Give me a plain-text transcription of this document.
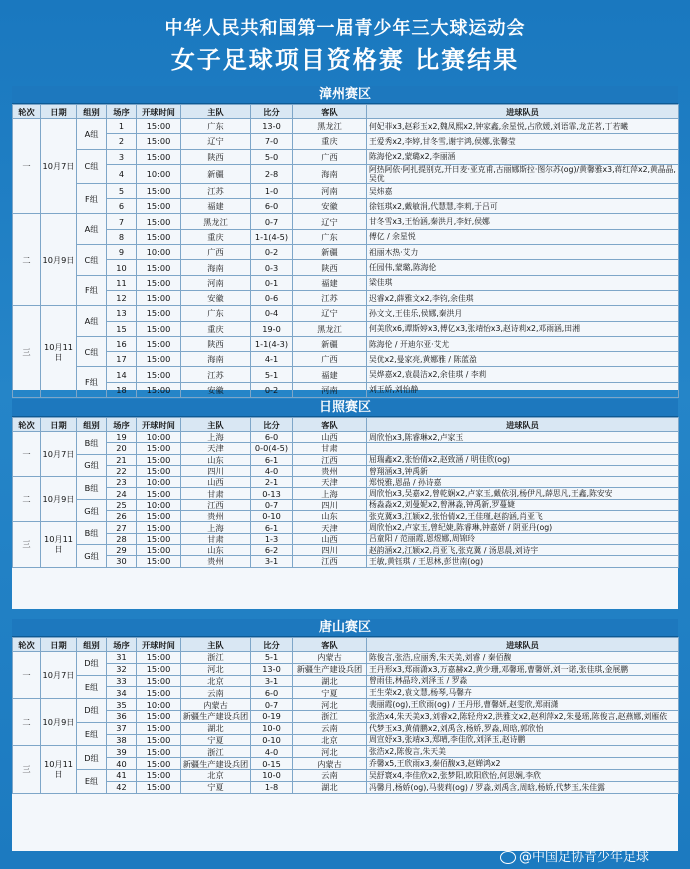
中华人民共和国第一届青少年三大球运动会
女子足球项目资格赛 比赛结果
漳州赛区
轮次	日期	组别	场序	开球时间	主队	比分	客队	进球队员
一	10月7日	A组	1	15:00	广东	13-0	黑龙江	何妃菲x3,赵彩玉x2,魏凤熙x2,钟家鑫,余星悦,占欣媛,刘语霏,龙芷茗,丁若曦
			2	15:00	辽宁	7-0	重庆	王爱秀x2,李婷,甘冬雪,谢宇鸿,侯娜,张馨莹
		C组	3	15:00	陕西	5-0	广西	陈海伦x2,蒙璐x2,李丽涵
			4	10:00	新疆	2-8	海南	阿热阿依·阿扎提别克,开日麦·亚克甫,古丽娜斯拉·图尔苏(og)/黄馨雅x3,蒋红萍x2,黄晶晶,吴优
		F组	5	15:00	江苏	1-0	河南	吴炜嘉
			6	15:00	福建	6-0	安徽	徐钰琪x2,戴敏涓,代慧慧,李莉,于吕可
二	10月9日	A组	7	15:00	黑龙江	0-7	辽宁	甘冬雪x3,王怡涵,秦洪月,李好,侯娜
			8	15:00	重庆	1-1(4-5)	广东	傅亿 / 余星悦
		C组	9	10:00	广西	0-2	新疆	祖丽木热·艾力
			10	15:00	海南	0-3	陕西	任园伟,蒙璐,陈海伦
		F组	11	15:00	河南	0-1	福建	梁佳琪
			12	15:00	安徽	0-6	江苏	迟睿x2,薛雅文x2,李钧,余佳琪
三	10月11日	A组	13	15:00	广东	0-4	辽宁	孙文文,王佳乐,侯娜,秦洪月
			15	15:00	重庆	19-0	黑龙江	何美欣x6,谭斯婷x3,傅亿x3,张靖怡x3,赵诗莉x2,邓雨涵,田湘
		C组	16	15:00	陕西	1-1(4-3)	新疆	陈海伦 / 开迪尔亚·艾尤
			17	15:00	海南	4-1	广西	吴优x2,曼家亮,黄娜雅 / 陈蓝盈
		F组	14	15:00	江苏	5-1	福建	吴烨嘉x2,袁晨洁x2,余佳琪 / 李莉
			18	15:00	安徽	0-2	河南	刘玉娇,刘怡静
日照赛区
轮次	日期	组别	场序	开球时间	主队	比分	客队	进球队员
一	10月7日	B组	19	10:00	上海	6-0	山西	周欣怡x3,陈睿琳x2,卢家玉
			20	15:00	天津	0-0(4-5)	甘肃	
		G组	21	15:00	山东	6-1	江西	屈瑞鑫x2,张怡倩x2,赵致涵 / 明佳欣(og)
			22	15:00	四川	4-0	贵州	曾翔涵x3,钟禹新
二	10月9日	B组	23	10:00	山西	2-1	天津	郑悦雅,恩晶 / 孙诗嘉
			24	15:00	甘肃	0-13	上海	周欣怡x3,吴嘉x2,曾乾娴x2,卢家玉,戴依羽,杨伊凡,薛思凡,王鑫,陈安安
		G组	25	10:00	江西	0-7	四川	杨淼淼x2,刘曼妮x2,曾淋淼,钟禹新,罗蔓婕
			26	15:00	贵州	0-10	山东	张克冀x3,江颖x2,张怡倩x2,王佳瑾,赵韵涵,肖亚飞
三	10月11日	B组	27	15:00	上海	6-1	天津	周欣怡x2,卢家玉,曾纪婕,陈睿琳,钟嘉妍 / 阴亚丹(og)
			28	15:00	甘肃	1-3	山西	吕童阳 / 范丽霞,恩煜娜,周锦玲
		G组	29	15:00	山东	6-2	四川	赵韵涵x2,江颖x2,肖亚飞,张克冀 / 汤思晨,刘诗宇
			30	15:00	贵州	3-1	江西	王敏,黄钰琪 / 王思林,彭世南(og)
唐山赛区
轮次	日期	组别	场序	开球时间	主队	比分	客队	进球队员
一	10月7日	D组	31	15:00	浙江	5-1	内蒙古	陈俊言,张浩,应丽秀,朱天美,刘睿 / 秦佰馥
			32	15:00	河北	13-0	新疆生产建设兵团	王丹形x3,郑雨潇x3,万嘉赫x2,黄少珊,邓馨瑶,曹馨妍,刘一诺,张佳琪,金展鹏
		E组	33	15:00	北京	3-1	湖北	曾雨佳,林晶玲,刘泽玉 / 罗淼
			34	15:00	云南	6-0	宁夏	王生荣x2,袁文慧,杨琴,马馨卉
二	10月9日	D组	35	10:00	内蒙古	0-7	河北	裴丽霞(og),王欣雨(og) / 王丹形,曹馨妍,赵雯欣,郑雨潇
			36	15:00	新疆生产建设兵团	0-19	浙江	张浩x4,朱天美x3,刘睿x2,陈轻舟x2,洪雅文x2,赵利萍x2,朱曼瑶,陈俊言,赵燕娜,刘雁依
		E组	37	15:00	湖北	10-0	云南	代梦玉x3,黄倩鹏x2,刘禹含,杨娇,罗淼,周晗,郭欣怡
			38	15:00	宁夏	0-10	北京	周宣妤x3,张靖x3,郑晴,李佳欣,刘泽玉,赵诗鹏
三	10月11日	D组	39	15:00	浙江	4-0	河北	张浩x2,陈俊言,朱天美
			40	15:00	新疆生产建设兵团	0-15	内蒙古	乔馨x5,王欣雨x3,秦佰馥x3,赵婵鸿x2
		E组	41	15:00	北京	10-0	云南	吴舒寰x4,李佳欣x2,张梦阳,欧阳欣怡,何思娴,李欣
			42	15:00	宁夏	1-8	湖北	冯馨月,杨娇(og),马裴莉(og) / 罗淼,刘禹含,周晗,杨娇,代梦玉,朱佳露
@中国足协青少年足球
